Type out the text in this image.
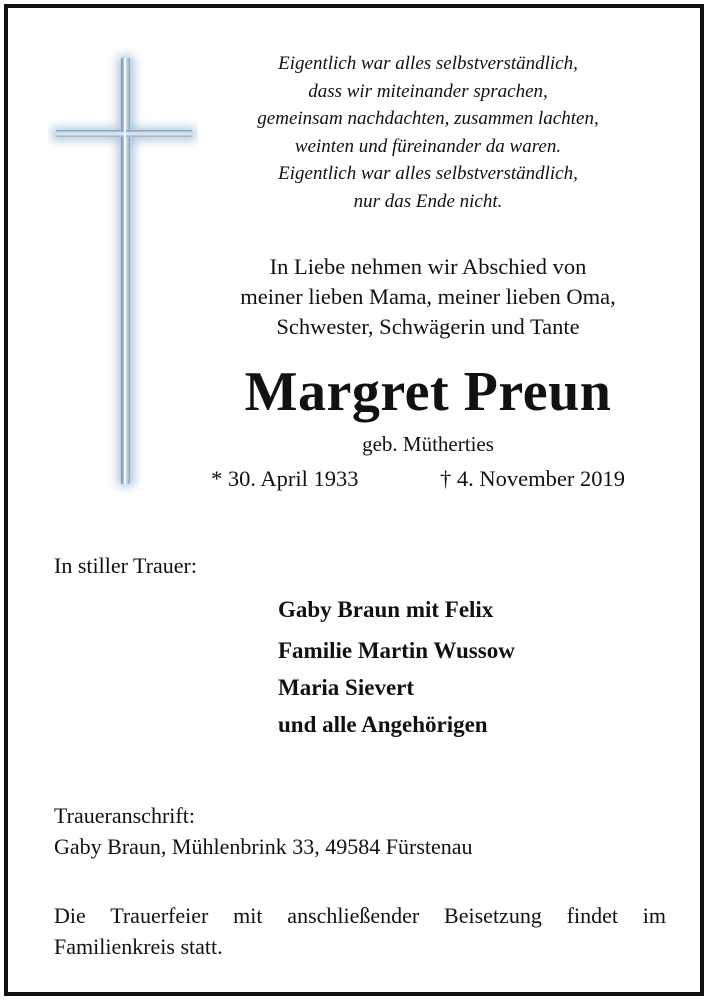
Eigentlich war alles selbstverständlich,
dass wir miteinander sprachen,
gemeinsam nachdachten, zusammen lachten,
weinten und füreinander da waren.
Eigentlich war alles selbstverständlich,
nur das Ende nicht.
In Liebe nehmen wir Abschied von
meiner lieben Mama, meiner lieben Oma,
Schwester, Schwägerin und Tante
Margret Preun
geb. Mütherties
* 30. April 1933	† 4. November 2019
In stiller Trauer:
Gaby Braun mit Felix
Familie Martin Wussow
Maria Sievert
und alle Angehörigen
Traueranschrift:
Gaby Braun, Mühlenbrink 33, 49584 Fürstenau
Die Trauerfeier mit anschließender Beisetzung findet im Familienkreis statt.
